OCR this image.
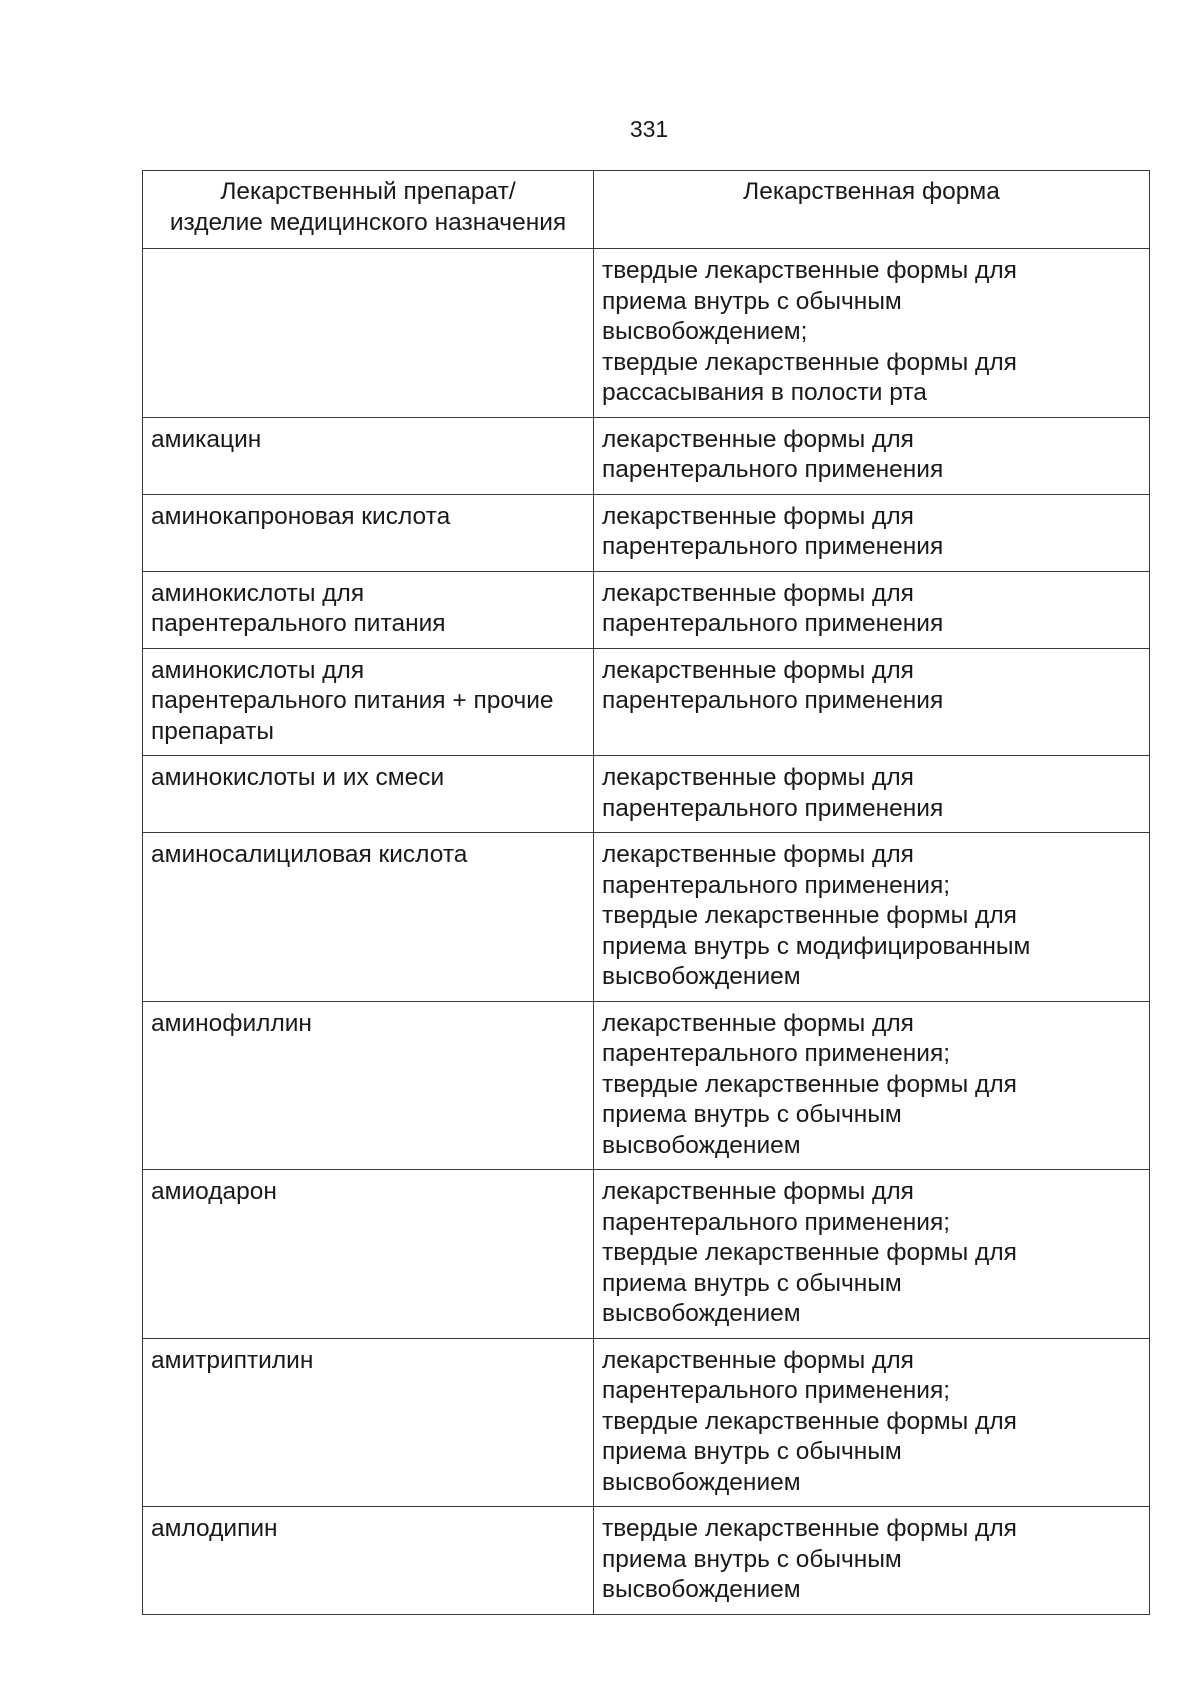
331
Лекарственный препарат/
изделие медицинского назначения	Лекарственная форма

	твердые лекарственные формы для
приема внутрь с обычным
высвобождением;
твердые лекарственные формы для
рассасывания в полости рта

амикацин	лекарственные формы для
парентерального применения

аминокапроновая кислота	лекарственные формы для
парентерального применения

аминокислоты для
парентерального питания	лекарственные формы для
парентерального применения

аминокислоты для
парентерального питания + прочие
препараты	лекарственные формы для
парентерального применения

аминокислоты и их смеси	лекарственные формы для
парентерального применения

аминосалициловая кислота	лекарственные формы для
парентерального применения;
твердые лекарственные формы для
приема внутрь с модифицированным
высвобождением

аминофиллин	лекарственные формы для
парентерального применения;
твердые лекарственные формы для
приема внутрь с обычным
высвобождением

амиодарон	лекарственные формы для
парентерального применения;
твердые лекарственные формы для
приема внутрь с обычным
высвобождением

амитриптилин	лекарственные формы для
парентерального применения;
твердые лекарственные формы для
приема внутрь с обычным
высвобождением

амлодипин	твердые лекарственные формы для
приема внутрь с обычным
высвобождением
